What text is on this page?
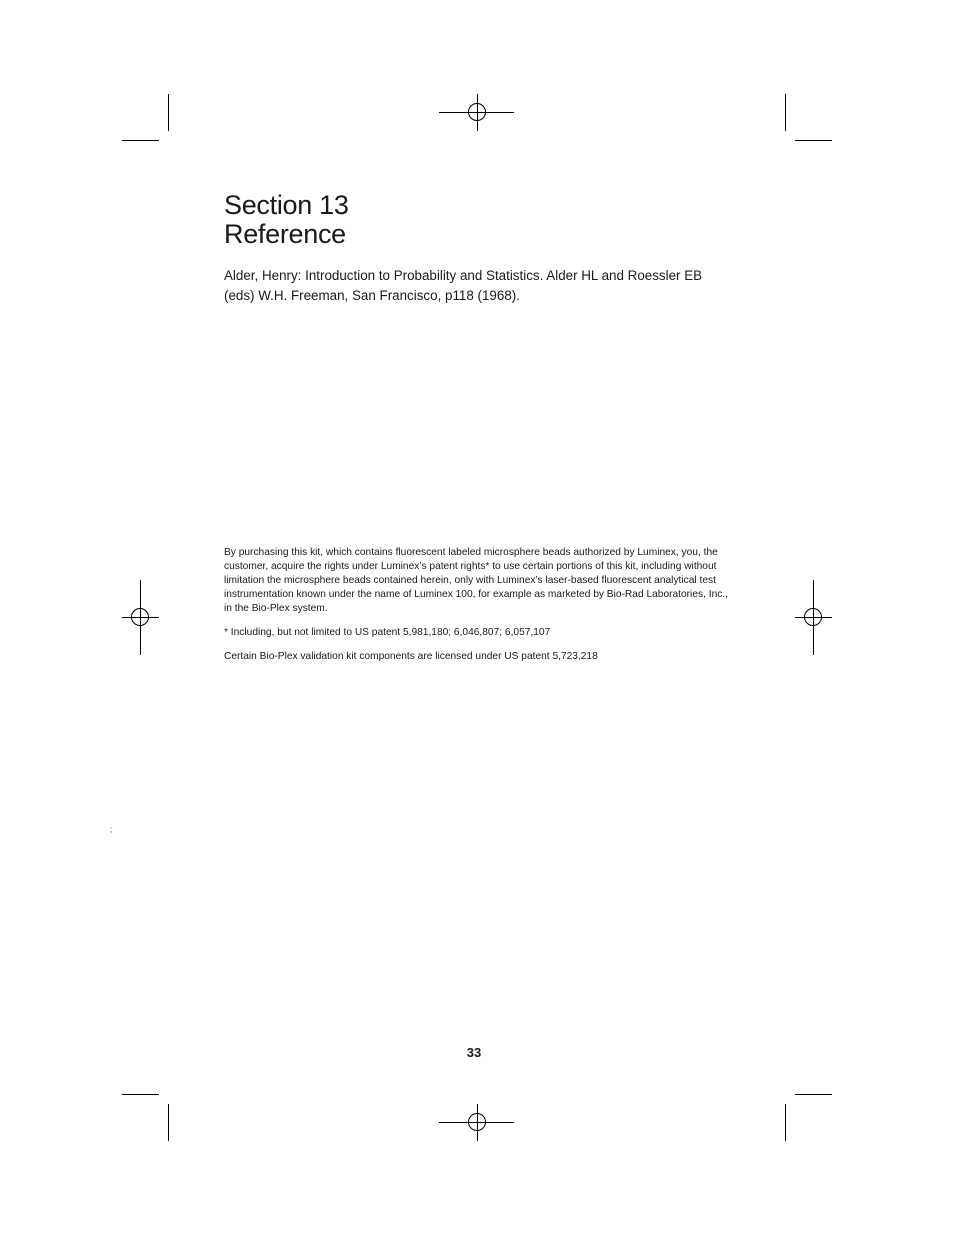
Section 13
Reference

Alder, Henry: Introduction to Probability and Statistics. Alder HL and Roessler EB (eds) W.H. Freeman, San Francisco, p118 (1968).

By purchasing this kit, which contains fluorescent labeled microsphere beads authorized by Luminex, you, the customer, acquire the rights under Luminex’s patent rights* to use certain portions of this kit, including without limitation the microsphere beads contained herein, only with Luminex’s laser-based fluorescent analytical test instrumentation known under the name of Luminex 100, for example as marketed by Bio-Rad Laboratories, Inc., in the Bio-Plex system.

* Including, but not limited to US patent 5,981,180; 6,046,807; 6,057,107

Certain Bio-Plex validation kit components are licensed under US patent 5,723,218

;
33
